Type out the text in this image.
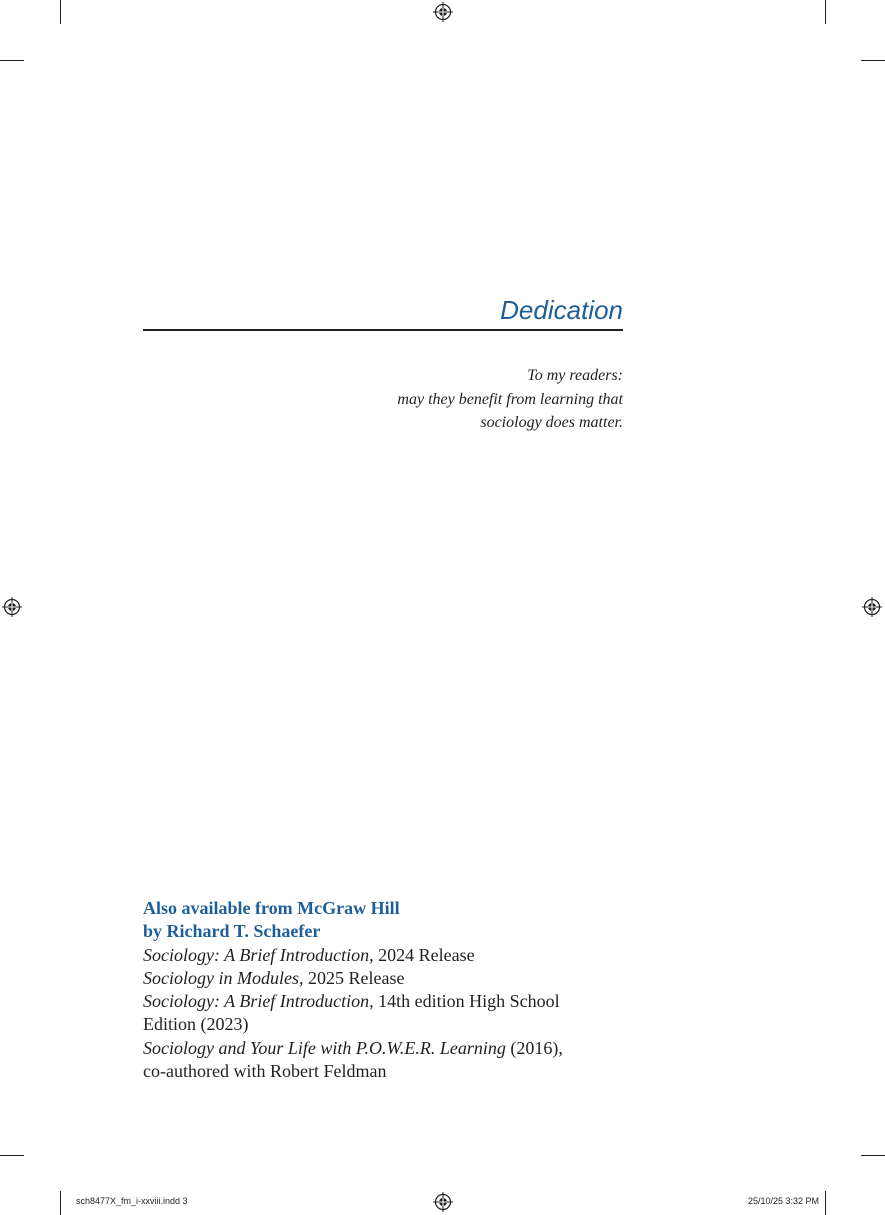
Dedication
To my readers:
may they benefit from learning that
sociology does matter.
Also available from McGraw Hill
by Richard T. Schaefer
Sociology: A Brief Introduction, 2024 Release
Sociology in Modules, 2025 Release
Sociology: A Brief Introduction, 14th edition High School
Edition (2023)
Sociology and Your Life with P.O.W.E.R. Learning (2016),
co-authored with Robert Feldman
sch8477X_fm_i-xxviii.indd 3	25/10/25 3:32 PM
